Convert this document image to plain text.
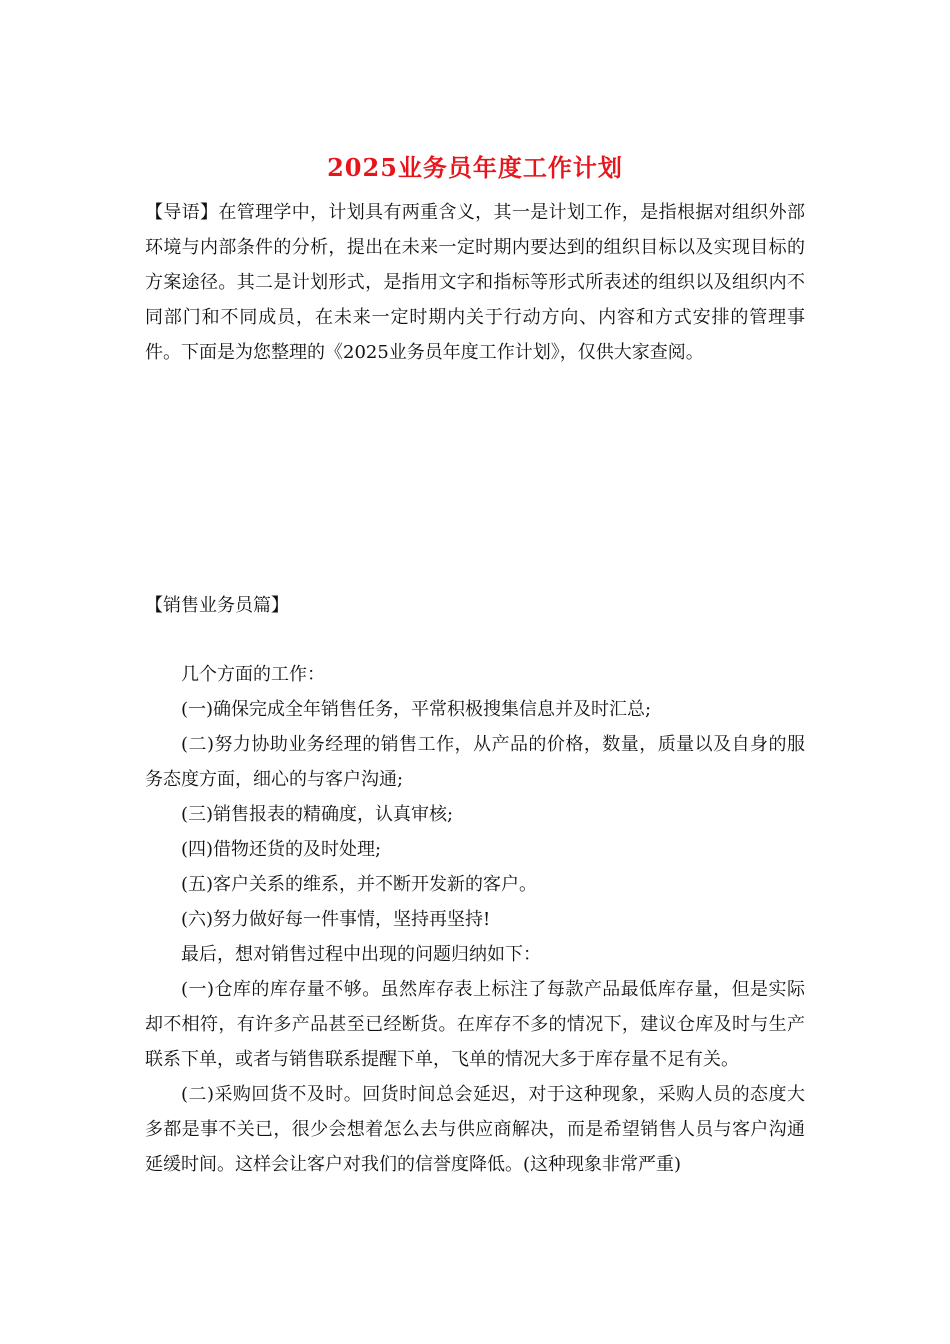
2025业务员年度工作计划

【导语】在管理学中，计划具有两重含义，其一是计划工作，是指根据对组织外部环境与内部条件的分析，提出在未来一定时期内要达到的组织目标以及实现目标的方案途径。其二是计划形式，是指用文字和指标等形式所表述的组织以及组织内不同部门和不同成员，在未来一定时期内关于行动方向、内容和方式安排的管理事件。下面是为您整理的《2025业务员年度工作计划》，仅供大家查阅。

【销售业务员篇】

几个方面的工作：

(一)确保完成全年销售任务，平常积极搜集信息并及时汇总;

(二)努力协助业务经理的销售工作，从产品的价格，数量，质量以及自身的服务态度方面，细心的与客户沟通;

(三)销售报表的精确度，认真审核;

(四)借物还货的及时处理;

(五)客户关系的维系，并不断开发新的客户。

(六)努力做好每一件事情，坚持再坚持!

最后，想对销售过程中出现的问题归纳如下：

(一)仓库的库存量不够。虽然库存表上标注了每款产品最低库存量，但是实际却不相符，有许多产品甚至已经断货。在库存不多的情况下，建议仓库及时与生产联系下单，或者与销售联系提醒下单，飞单的情况大多于库存量不足有关。

(二)采购回货不及时。回货时间总会延迟，对于这种现象，采购人员的态度大多都是事不关已，很少会想着怎么去与供应商解决，而是希望销售人员与客户沟通延缓时间。这样会让客户对我们的信誉度降低。(这种现象非常严重)
